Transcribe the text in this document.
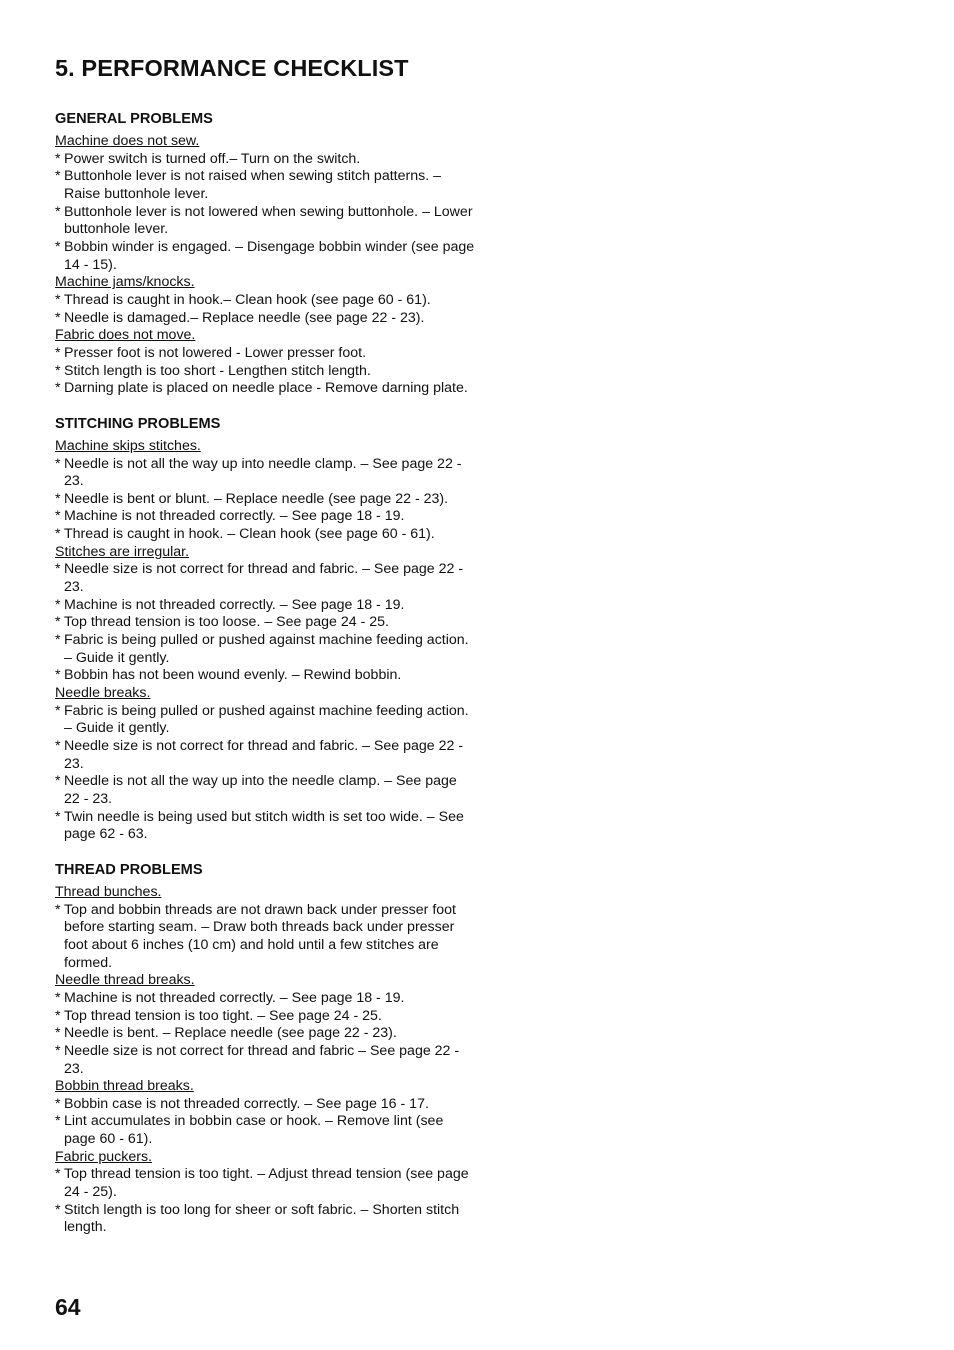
5. PERFORMANCE CHECKLIST
GENERAL PROBLEMS
Machine does not sew.
* Power switch is turned off.– Turn on the switch.
* Buttonhole lever is not raised when sewing stitch patterns. – Raise buttonhole lever.
* Buttonhole lever is not lowered when sewing buttonhole. – Lower buttonhole lever.
* Bobbin winder is engaged. – Disengage bobbin winder (see page 14 - 15).
Machine jams/knocks.
* Thread is caught in hook.– Clean hook (see page 60 - 61).
* Needle is damaged.– Replace needle (see page 22 - 23).
Fabric does not move.
* Presser foot is not lowered - Lower presser foot.
* Stitch length is too short - Lengthen stitch length.
* Darning plate is placed on needle place - Remove darning plate.
STITCHING PROBLEMS
Machine skips stitches.
* Needle is not all the way up into needle clamp. – See page 22 - 23.
* Needle is bent or blunt. – Replace needle (see page 22 - 23).
* Machine is not threaded correctly. – See page 18 - 19.
* Thread is caught in hook. – Clean hook (see page 60 - 61).
Stitches are irregular.
* Needle size is not correct for thread and fabric. – See page 22 - 23.
* Machine is not threaded correctly. – See page 18 - 19.
* Top thread tension is too loose. – See page 24 - 25.
* Fabric is being pulled or pushed against machine feeding action. – Guide it gently.
* Bobbin has not been wound evenly. – Rewind bobbin.
Needle breaks.
* Fabric is being pulled or pushed against machine feeding action. – Guide it gently.
* Needle size is not correct for thread and fabric. – See page 22 - 23.
* Needle is not all the way up into the needle clamp. – See page 22 - 23.
* Twin needle is being used but stitch width is set too wide. – See page 62 - 63.
THREAD PROBLEMS
Thread bunches.
* Top and bobbin threads are not drawn back under presser foot before starting seam. – Draw both threads back under presser foot about 6 inches (10 cm) and hold until a few stitches are formed.
Needle thread breaks.
* Machine is not threaded correctly. – See page 18 - 19.
* Top thread tension is too tight. – See page 24 - 25.
* Needle is bent. – Replace needle (see page 22 - 23).
* Needle size is not correct for thread and fabric – See page 22 - 23.
Bobbin thread breaks.
* Bobbin case is not threaded correctly. – See page 16 - 17.
* Lint accumulates in bobbin case or hook. – Remove lint (see page 60 - 61).
Fabric puckers.
* Top thread tension is too tight. – Adjust thread tension (see page 24 - 25).
* Stitch length is too long for sheer or soft fabric. – Shorten stitch length.
64
